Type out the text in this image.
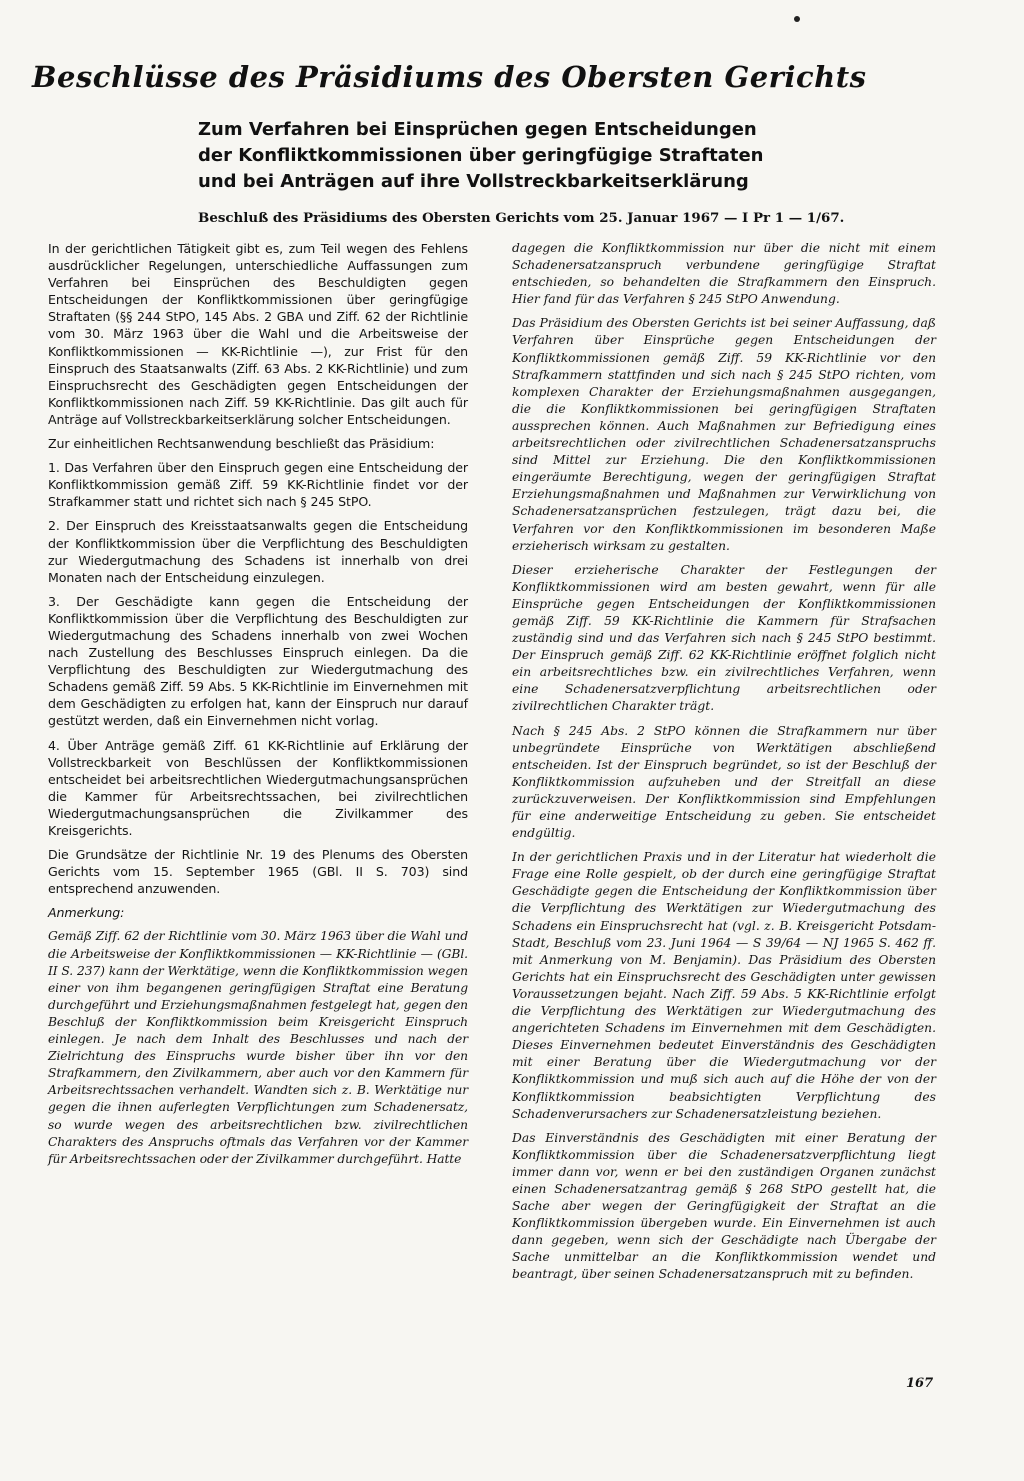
Beschlüsse des Präsidiums des Obersten Gerichts
Zum Verfahren bei Einsprüchen gegen Entscheidungen
der Konfliktkommissionen über geringfügige Straftaten
und bei Anträgen auf ihre Vollstreckbarkeitserklärung
Beschluß des Präsidiums des Obersten Gerichts vom 25. Januar 1967 — I Pr 1 — 1/67.

In der gerichtlichen Tätigkeit gibt es, zum Teil wegen des Fehlens ausdrücklicher Regelungen, unterschiedliche Auffassungen zum Verfahren bei Einsprüchen des Beschuldigten gegen Entscheidungen der Konfliktkommissionen über geringfügige Straftaten (§§ 244 StPO, 145 Abs. 2 GBA und Ziff. 62 der Richtlinie vom 30. März 1963 über die Wahl und die Arbeitsweise der Konfliktkommissionen — KK-Richtlinie —), zur Frist für den Einspruch des Staatsanwalts (Ziff. 63 Abs. 2 KK-Richtlinie) und zum Einspruchsrecht des Geschädigten gegen Entscheidungen der Konfliktkommissionen nach Ziff. 59 KK-Richtlinie. Das gilt auch für Anträge auf Vollstreckbarkeitserklärung solcher Entscheidungen.

Zur einheitlichen Rechtsanwendung beschließt das Präsidium:

1. Das Verfahren über den Einspruch gegen eine Entscheidung der Konfliktkommission gemäß Ziff. 59 KK-Richtlinie findet vor der Strafkammer statt und richtet sich nach § 245 StPO.

2. Der Einspruch des Kreisstaatsanwalts gegen die Entscheidung der Konfliktkommission über die Verpflichtung des Beschuldigten zur Wiedergutmachung des Schadens ist innerhalb von drei Monaten nach der Entscheidung einzulegen.

3. Der Geschädigte kann gegen die Entscheidung der Konfliktkommission über die Verpflichtung des Beschuldigten zur Wiedergutmachung des Schadens innerhalb von zwei Wochen nach Zustellung des Beschlusses Einspruch einlegen. Da die Verpflichtung des Beschuldigten zur Wiedergutmachung des Schadens gemäß Ziff. 59 Abs. 5 KK-Richtlinie im Einvernehmen mit dem Geschädigten zu erfolgen hat, kann der Einspruch nur darauf gestützt werden, daß ein Einvernehmen nicht vorlag.

4. Über Anträge gemäß Ziff. 61 KK-Richtlinie auf Erklärung der Vollstreckbarkeit von Beschlüssen der Konfliktkommissionen entscheidet bei arbeitsrechtlichen Wiedergutmachungsansprüchen die Kammer für Arbeitsrechtssachen, bei zivilrechtlichen Wiedergutmachungsansprüchen die Zivilkammer des Kreisgerichts.

Die Grundsätze der Richtlinie Nr. 19 des Plenums des Obersten Gerichts vom 15. September 1965 (GBl. II S. 703) sind entsprechend anzuwenden.

Anmerkung:

Gemäß Ziff. 62 der Richtlinie vom 30. März 1963 über die Wahl und die Arbeitsweise der Konfliktkommissionen — KK-Richtlinie — (GBl. II S. 237) kann der Werktätige, wenn die Konfliktkommission wegen einer von ihm begangenen geringfügigen Straftat eine Beratung durchgeführt und Erziehungsmaßnahmen festgelegt hat, gegen den Beschluß der Konfliktkommission beim Kreisgericht Einspruch einlegen. Je nach dem Inhalt des Beschlusses und nach der Zielrichtung des Einspruchs wurde bisher über ihn vor den Strafkammern, den Zivilkammern, aber auch vor den Kammern für Arbeitsrechtssachen verhandelt. Wandten sich z. B. Werktätige nur gegen die ihnen auferlegten Verpflichtungen zum Schadenersatz, so wurde wegen des arbeitsrechtlichen bzw. zivilrechtlichen Charakters des Anspruchs oftmals das Verfahren vor der Kammer für Arbeitsrechtssachen oder der Zivilkammer durchgeführt. Hatte

dagegen die Konfliktkommission nur über die nicht mit einem Schadenersatzanspruch verbundene geringfügige Straftat entschieden, so behandelten die Strafkammern den Einspruch. Hier fand für das Verfahren § 245 StPO Anwendung.

Das Präsidium des Obersten Gerichts ist bei seiner Auffassung, daß Verfahren über Einsprüche gegen Entscheidungen der Konfliktkommissionen gemäß Ziff. 59 KK-Richtlinie vor den Strafkammern stattfinden und sich nach § 245 StPO richten, vom komplexen Charakter der Erziehungsmaßnahmen ausgegangen, die die Konfliktkommissionen bei geringfügigen Straftaten aussprechen können. Auch Maßnahmen zur Befriedigung eines arbeitsrechtlichen oder zivilrechtlichen Schadenersatzanspruchs sind Mittel zur Erziehung. Die den Konfliktkommissionen eingeräumte Berechtigung, wegen der geringfügigen Straftat Erziehungsmaßnahmen und Maßnahmen zur Verwirklichung von Schadenersatzansprüchen festzulegen, trägt dazu bei, die Verfahren vor den Konfliktkommissionen im besonderen Maße erzieherisch wirksam zu gestalten.

Dieser erzieherische Charakter der Festlegungen der Konfliktkommissionen wird am besten gewahrt, wenn für alle Einsprüche gegen Entscheidungen der Konfliktkommissionen gemäß Ziff. 59 KK-Richtlinie die Kammern für Strafsachen zuständig sind und das Verfahren sich nach § 245 StPO bestimmt. Der Einspruch gemäß Ziff. 62 KK-Richtlinie eröffnet folglich nicht ein arbeitsrechtliches bzw. ein zivilrechtliches Verfahren, wenn eine Schadenersatzverpflichtung arbeitsrechtlichen oder zivilrechtlichen Charakter trägt.

Nach § 245 Abs. 2 StPO können die Strafkammern nur über unbegründete Einsprüche von Werktätigen abschließend entscheiden. Ist der Einspruch begründet, so ist der Beschluß der Konfliktkommission aufzuheben und der Streitfall an diese zurückzuverweisen. Der Konfliktkommission sind Empfehlungen für eine anderweitige Entscheidung zu geben. Sie entscheidet endgültig.

In der gerichtlichen Praxis und in der Literatur hat wiederholt die Frage eine Rolle gespielt, ob der durch eine geringfügige Straftat Geschädigte gegen die Entscheidung der Konfliktkommission über die Verpflichtung des Werktätigen zur Wiedergutmachung des Schadens ein Einspruchsrecht hat (vgl. z. B. Kreisgericht Potsdam-Stadt, Beschluß vom 23. Juni 1964 — S 39/64 — NJ 1965 S. 462 ff. mit Anmerkung von M. Benjamin). Das Präsidium des Obersten Gerichts hat ein Einspruchsrecht des Geschädigten unter gewissen Voraussetzungen bejaht. Nach Ziff. 59 Abs. 5 KK-Richtlinie erfolgt die Verpflichtung des Werktätigen zur Wiedergutmachung des angerichteten Schadens im Einvernehmen mit dem Geschädigten. Dieses Einvernehmen bedeutet Einverständnis des Geschädigten mit einer Beratung über die Wiedergutmachung vor der Konfliktkommission und muß sich auch auf die Höhe der von der Konfliktkommission beabsichtigten Verpflichtung des Schadenverursachers zur Schadenersatzleistung beziehen.

Das Einverständnis des Geschädigten mit einer Beratung der Konfliktkommission über die Schadenersatzverpflichtung liegt immer dann vor, wenn er bei den zuständigen Organen zunächst einen Schadenersatzantrag gemäß § 268 StPO gestellt hat, die Sache aber wegen der Geringfügigkeit der Straftat an die Konfliktkommission übergeben wurde. Ein Einvernehmen ist auch dann gegeben, wenn sich der Geschädigte nach Übergabe der Sache unmittelbar an die Konfliktkommission wendet und beantragt, über seinen Schadenersatzanspruch mit zu befinden.

167
